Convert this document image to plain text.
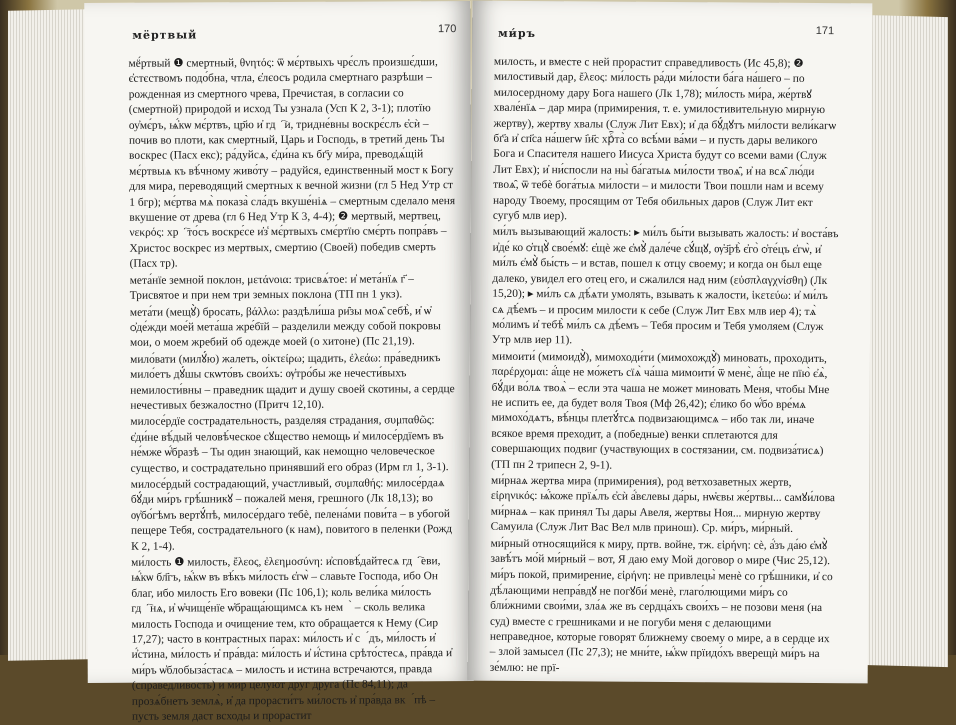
мёртвый	170

мё́ртвый ❶ смертный, θνητός: ѿ мє́ртвыхъ чрє́слъ произшє́дши, є҆стєствомъ подо́бна, чтла, є҆лєосъ родила смертнаго разрѣши – рожденная из смертного чрева, Пречистая, в согласии со (смертной) природой и исход Ты узнала (Усп К 2, 3-1); плотїю оу҆мє́ръ, ѩ҆́кѡ мє́ртвъ, цр҃ю и҆ гдⷭ҇и, тридне́вны воскрє́слъ є҆сѝ – почив во плоти, как смертный, Царь и Господь, в третий день Ты воскрес (Пасх екс); ра́дуйсѧ, є҆ди́на къ бг҃у ми́ра, преводѧ́щій мє́ртвыѧ къ вѣ́чному живо́ту – радуйся, единственный мост к Богу для мира, переводящий смертных к вечной жизни (гл 5 Нед Утр ст 1 бгр); мє́ртва мѧ̀ показа̀ сла́дъ вкуше́ніѧ – смертным сделало меня вкушение от древа (гл 6 Нед Утр К 3, 4-4); ❷ мертвый, мертвец, νεκρός: хрⷭ҇то́съ воскрє́се и҆з̾ мє́ртвыхъ смє́ртїю смє́рть попра́въ – Христос воскрес из мертвых, смертию (Своей) победив смерть (Пасх тр).

мета́нїе земной поклон, μετάνοια: трисвѧ́тое: и҆ мета́нїѧ г҃ – Трисвятое и при нем три земных поклона (ТП пн 1 укз).

мета́ти (мещꙋ̀) бросать, βάλλω: раздѣли́ша ри̑зы моѧ̑ себѣ̀, и҆ ѡ҆ ѻ҆де́жди мое́й мета́ша жре́бїй – разделили между собой покровы мои, о моем жребий об одежде моей (о хитоне) (Пс 21,19).

мило́вати (милꙋ́ю) жалеть, οἰκτείρω; щадить, ἐλεάω: пра́ведникъ мило́етъ дꙋ́шы скѡто́въ свои́хъ: ѹ҆тро́бы же нечести́выхъ немилости́вны – праведник щадит и душу своей скотины, а сердце нечестивых безжалостно (Притч 12,10).

милосе́рдїе сострадательность, разделяя страдания, συμπαθῶς: є҆ди́не вѣ́дый человѣ́ческое сꙋщество немощь и҆ милосе́рдїемъ въ не́мже ѡ҆́бразѣ – Ты один знающий, как немощно человеческое существо, и сострадательно принявший его образ (Ирм гл 1, 3-1).

милосе́рдый сострадающий, участливый, συμπαθής: милосе́рдаѧ бꙋ́ди ми́ръ грѣ́шникꙋ – пожалей меня, грешного (Лк 18,13); во ѹ҆бо́гѣмъ вертꙋ́пѣ, милосе́рдаго тебѐ, пелена́ми пови́та – в убогой пещере Тебя, сострадательного (к нам), повитого в пеленки (Рожд К 2, 1-4).

ми́лость ❶ милость, ἔλεος, ἐλεημοσύνη: и҆сповѣ́дайтесѧ гдⷭ҇еви, ѩ҆́кѡ бл҃гъ, ѩ҆́кѡ въ вѣ́къ ми́лость є҆гѡ̀ – славьте Господа, ибо Он благ, ибо милость Его вовеки (Пс 106,1); коль вели́ка ми́лость гдⷭ҇нѧ, и҆ ѡ҆чище́нїе ѡ҆браща́ющимсѧ къ немꙋ̀ – сколь велика милость Господа и очищение тем, кто обращается к Нему (Сир 17,27); часто в контрастных парах: ми́лость и҆ сꙋ́дъ, ми́лость и҆ и҆́стина, ми́лость и҆ пра́вда: ми́лость и҆ и҆́стина срѣто́стесѧ, пра́вда и҆ ми́ръ ѡ҆блобыза́стасѧ – милость и истина встречаются, правда (справедливость) и мир целуют друг друга (Пс 84,11); да прозѧ́бнетъ землѧ̀, и҆ да прорасти́тъ ми́лость и҆ пра́вда вкꙋ́пѣ – пусть земля даст всходы и прорастит

ми́ръ	171

милость, и вместе с ней прорастит справедливость (Ис 45,8); ❷ милостивый дар, ἔλεος: ми́лость ра́ди ми́лости ба́га на́шего – по милосердному дару Бога нашего (Лк 1,78); ми́лость ми́ра, же́ртвꙋ хвале́нїѧ – дар мира (примирения, т. е. умилостивительную мирную жертву), жертву хвалы (Служ Лит Евх); и҆ да бꙋ́дꙋтъ ми́лости вели́кагѡ бг҃а и҆ сп҃са на́шегѡ і҆и҃с хрⷭ҇та̀ со всѣ́ми ва́ми – и пусть дары великого Бога и Спасителя нашего Иисуса Христа будут со всеми вами (Служ Лит Евх); и҆ ни́спосли на ны̀ ба́гатыѧ ми́лости твоѧ̑, и҆ на всѧ̑ лю́ди твоѧ̑, ѿ тебѐ бога́тыѧ ми́лости – и милости Твои пошли нам и всему народу Твоему, просящим от Тебя обильных даров (Служ Лит ект сугуб млв иер).

ми́лъ вызывающий жалость: ▸ ми́лъ бы́ти вызывать жалость: и҆ воста́въ и҆де́ ко ѻ҆тцꙋ̀ свое́мꙋ: є҆щѐ же є҆мꙋ̀ дале́че сꙋ́щꙋ, ѹ҆з҃рѣ̀ є҆го̀ ѻ҆те́цъ є҆гѡ̀, и҆ ми́лъ є҆мꙋ̀ бы́сть – и встав, пошел к отцу своему; и когда он был еще далеко, увидел его отец его, и сжалился над ним (εὐσπλαγχνίσθη) (Лк 15,20); ▸ ми́лъ сѧ дѣ́ѧти умолять, взывать к жалости, ἱκετεύω: и҆ ми́лъ сѧ дѣ́емъ – и просим милости к себе (Служ Лит Евх млв иер 4); тѧ̀ мо́лимъ и҆ тебѣ̀ ми́лъ сѧ дѣ́емъ – Тебя просим и Тебя умоляем (Служ Утр млв иер 11).

мимоити́ (мимоидꙋ̀), мимоходи́ти (мимохождꙋ̀) миновать, проходить, παρέρχομαι: а҆́ще не мо́жетъ сїѧ̀ ча́ша мимоити́ ѿ менє̀, а҆́ще не пїю̀ є҆ѧ̀, бꙋ́ди во́лѧ твоѧ̀ – если эта чаша не может миновать Меня, чтобы Мне не испить ее, да будет воля Твоя (Мф 26,42); є҆лико бо ѡ҆́бо вре́мѧ мимохо́дѧтъ, вѣ́нцы плетꙋ́тсѧ подвизающимсѧ – ибо так ли, иначе всякое время преходит, а (победные) венки сплетаются для совершающих подвиг (участвующих в состязании, см. подвиза́тисѧ) (ТП пн 2 трипесн 2, 9-1).

ми́рнаѧ жертва мира (примирения), род ветхозаветных жертв, εἰρηνικός: ѩ҆́коже прїѧ́лъ є҆сѝ а҆́вєлевы да́ры, нѡ҆євы же́ртвы... самꙋи́лова ми́рнаѧ – как принял Ты дары Авеля, жертвы Ноя... мирную жертву Самуила (Служ Лит Вас Вел млв принош). Ср. ми́ръ, ми́рный.

ми́рный относящийся к миру, пртв. войне, тж. εἰρήνη: сѐ, а҆́зъ да́ю є҆мꙋ̀ завѣ́тъ мо́й ми́рный – вот, Я даю ему Мой договор о мире (Чис 25,12).

ми́ръ покой, примирение, εἰρήνη: не привлецы̀ менѐ со грѣ́шники, и҆ со дѣ́лающими непра́вдꙋ не погꙋби́ менѐ, глаго́лющими ми́ръ со бли́жними свои́ми, зла́ѧ же въ сердца́хъ свои́хъ – не позови меня (на суд) вместе с грешниками и не погуби меня с делающими неправедное, которые говорят ближнему своему о мире, а в сердце их – злой замысел (Пс 27,3); не мни́те, ѩ҆́кѡ прїидо́хъ вверещѝ ми́ръ на зе́млю: не прї-
